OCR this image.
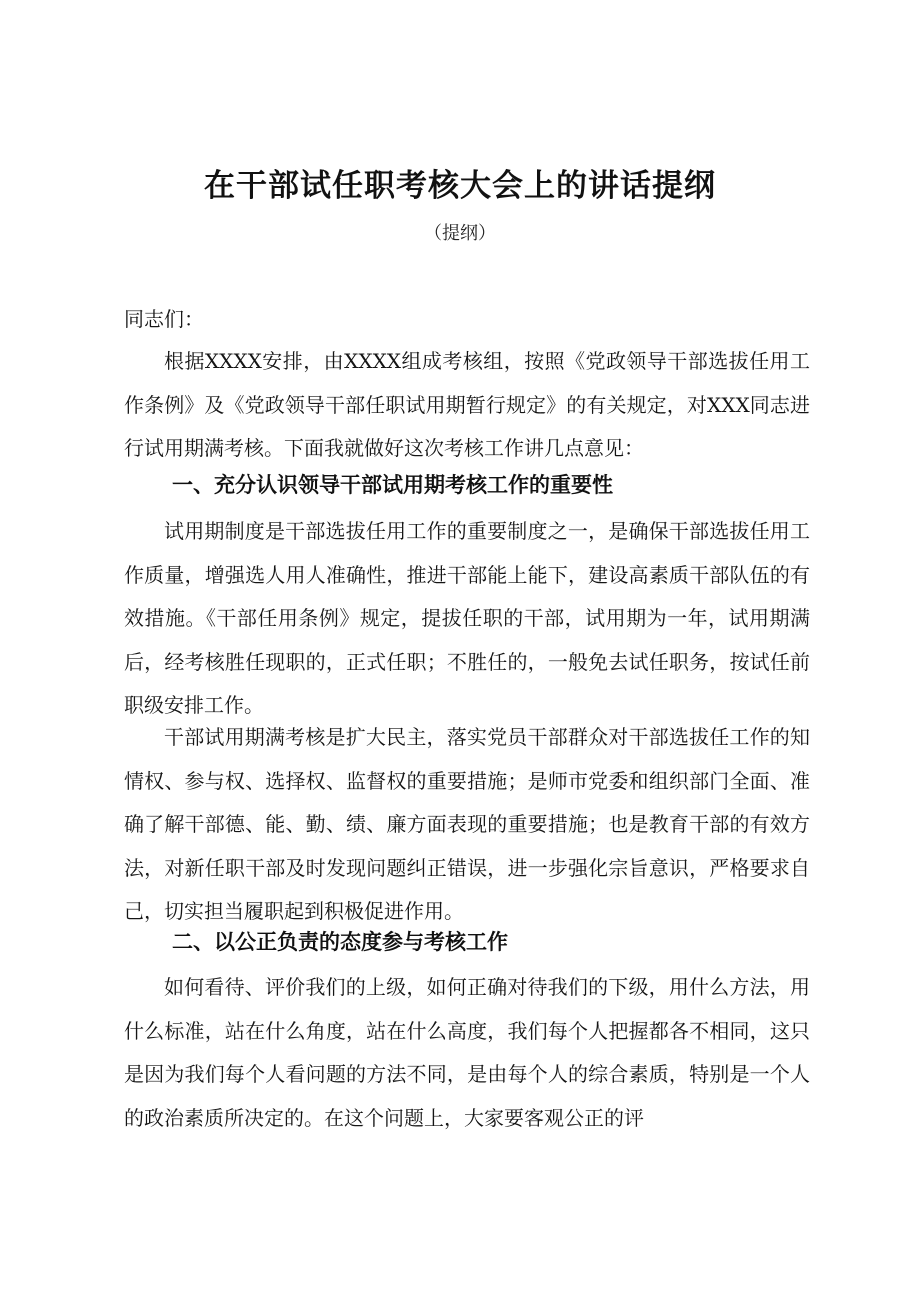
在干部试任职考核大会上的讲话提纲
（提纲）
同志们：

根据XXXX安排，由XXXX组成考核组，按照《党政领导干部选拔任用工作条例》及《党政领导干部任职试用期暂行规定》的有关规定，对XXX同志进行试用期满考核。下面我就做好这次考核工作讲几点意见：

一、充分认识领导干部试用期考核工作的重要性

试用期制度是干部选拔任用工作的重要制度之一，是确保干部选拔任用工作质量，增强选人用人准确性，推进干部能上能下，建设高素质干部队伍的有效措施。《干部任用条例》规定，提拔任职的干部，试用期为一年，试用期满后，经考核胜任现职的，正式任职；不胜任的，一般免去试任职务，按试任前职级安排工作。

干部试用期满考核是扩大民主，落实党员干部群众对干部选拔任工作的知情权、参与权、选择权、监督权的重要措施；是师市党委和组织部门全面、准确了解干部德、能、勤、绩、廉方面表现的重要措施；也是教育干部的有效方法，对新任职干部及时发现问题纠正错误，进一步强化宗旨意识，严格要求自己，切实担当履职起到积极促进作用。

二、以公正负责的态度参与考核工作

如何看待、评价我们的上级，如何正确对待我们的下级，用什么方法，用什么标准，站在什么角度，站在什么高度，我们每个人把握都各不相同，这只是因为我们每个人看问题的方法不同，是由每个人的综合素质，特别是一个人的政治素质所决定的。在这个问题上，大家要客观公正的评
